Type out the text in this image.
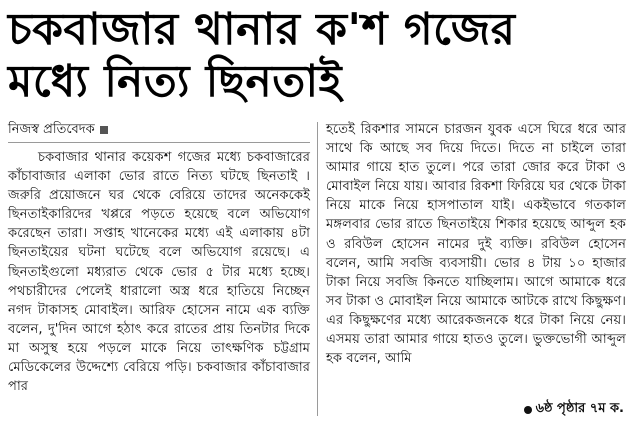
চকবাজার থানার ক'শ গজের
মধ্যে নিত্য ছিনতাই
নিজস্ব প্রতিবেদক

চকবাজার থানার কয়েকশ গজের মধ্যে চকবাজারের কাঁচাবাজার এলাকা ভোর রাতে নিত্য ঘটছে ছিনতাই । জরুরি প্রয়োজনে ঘর থেকে বেরিয়ে তাদের অনেককেই ছিনতাইকারিদের খপ্পরে পড়তে হয়েছে বলে অভিযোগ করেছেন তারা। সপ্তাহ খানেকের মধ্যে এই এলাকায় ৪টা ছিনতাইয়ের ঘটনা ঘটেছে বলে অভিযোগ রয়েছে। এ ছিনতাইগুলো মধ্যরাত থেকে ভোর ৫ টার মধ্যে হচ্ছে। পথচারীদের পেলেই ধারালো অস্ত্র ধরে হাতিয়ে নিচ্ছেন নগদ টাকাসহ মোবাইল। আরিফ হোসেন নামে এক ব্যক্তি বলেন, দু'দিন আগে হঠাৎ করে রাতের প্রায় তিনটার দিকে মা অসুস্থ হয়ে পড়লে মাকে নিয়ে তাৎক্ষণিক চট্টগ্রাম মেডিকেলের উদ্দেশ্যে বেরিয়ে পড়ি। চকবাজার কাঁচাবাজার পার

হতেই রিকশার সামনে চারজন যুবক এসে ঘিরে ধরে আর সাথে কি আছে সব দিয়ে দিতে। দিতে না চাইলে তারা আমার গায়ে হাত তুলে। পরে তারা জোর করে টাকা ও মোবাইল নিয়ে যায়। আবার রিকশা ফিরিয়ে ঘর থেকে টাকা নিয়ে মাকে নিয়ে হাসপাতাল যাই। একইভাবে গতকাল মঙ্গলবার ভোর রাতে ছিনতাইয়ে শিকার হয়েছে আব্দুল হক ও রবিউল হোসেন নামের দুই ব্যক্তি। রবিউল হোসেন বলেন, আমি সবজি ব্যবসায়ী। ভোর ৪ টায় ১০ হাজার টাকা নিয়ে সবজি কিনতে যাচ্ছিলাম। আগে আমাকে ধরে সব টাকা ও মোবাইল নিয়ে আমাকে আটকে রাখে কিছুক্ষণ। এর কিছুক্ষণের মধ্যে আরেকজনকে ধরে টাকা নিয়ে নেয়। এসময় তারা আমার গায়ে হাতও তুলে। ভুক্তভোগী আব্দুল হক বলেন, আমি

৬ষ্ঠ পৃষ্ঠার ৭ম ক.
